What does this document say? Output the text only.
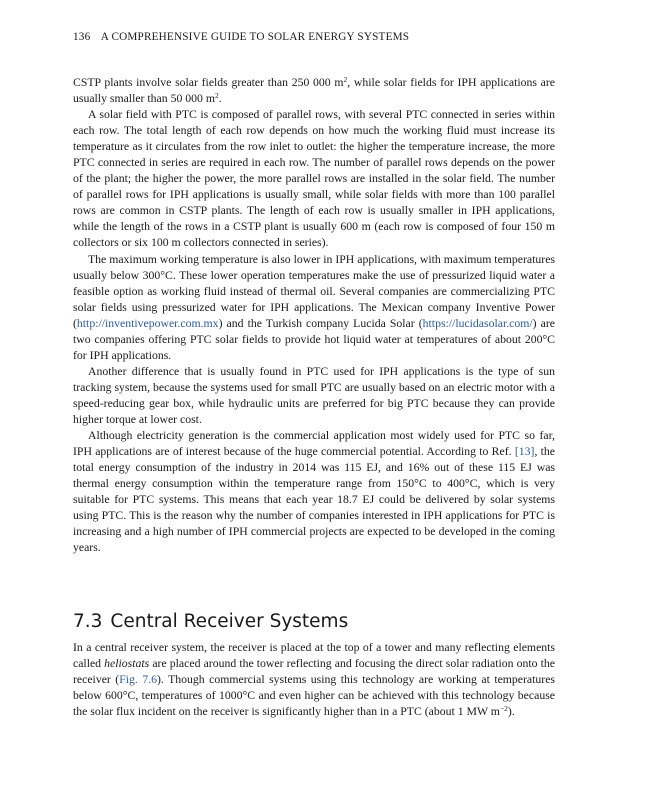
136 A COMPREHENSIVE GUIDE TO SOLAR ENERGY SYSTEMS

CSTP plants involve solar fields greater than 250 000 $m^2$, while solar fields for IPH applications are usually smaller than 50 000 $m^2$.

A solar field with PTC is composed of parallel rows, with several PTC connected in series within each row. The total length of each row depends on how much the working fluid must increase its temperature as it circulates from the row inlet to outlet: the higher the temperature increase, the more PTC connected in series are required in each row. The number of parallel rows depends on the power of the plant; the higher the power, the more parallel rows are installed in the solar field. The number of parallel rows for IPH applications is usually small, while solar fields with more than 100 parallel rows are common in CSTP plants. The length of each row is usually smaller in IPH applications, while the length of the rows in a CSTP plant is usually 600 m (each row is composed of four 150 m collectors or six 100 m collectors connected in series).

The maximum working temperature is also lower in IPH applications, with maximum temperatures usually below 300°C. These lower operation temperatures make the use of pressurized liquid water a feasible option as working fluid instead of thermal oil. Several companies are commercializing PTC solar fields using pressurized water for IPH applications. The Mexican company Inventive Power (http://inventivepower.com.mx) and the Turkish company Lucida Solar (https://lucidasolar.com/) are two companies offering PTC solar fields to provide hot liquid water at temperatures of about 200°C for IPH applications.

Another difference that is usually found in PTC used for IPH applications is the type of sun tracking system, because the systems used for small PTC are usually based on an electric motor with a speed-reducing gear box, while hydraulic units are preferred for big PTC because they can provide higher torque at lower cost.

Although electricity generation is the commercial application most widely used for PTC so far, IPH applications are of interest because of the huge commercial potential. According to Ref. [13], the total energy consumption of the industry in 2014 was 115 EJ, and 16% out of these 115 EJ was thermal energy consumption within the temperature range from 150°C to 400°C, which is very suitable for PTC systems. This means that each year 18.7 EJ could be delivered by solar systems using PTC. This is the reason why the number of companies interested in IPH applications for PTC is increasing and a high number of IPH commercial projects are expected to be developed in the coming years.

7.3 Central Receiver Systems

In a central receiver system, the receiver is placed at the top of a tower and many reflecting elements called heliostats are placed around the tower reflecting and focusing the direct solar radiation onto the receiver (Fig. 7.6). Though commercial systems using this technology are working at temperatures below 600°C, temperatures of 1000°C and even higher can be achieved with this technology because the solar flux incident on the receiver is significantly higher than in a PTC (about 1 MW $m^{-2}$).
